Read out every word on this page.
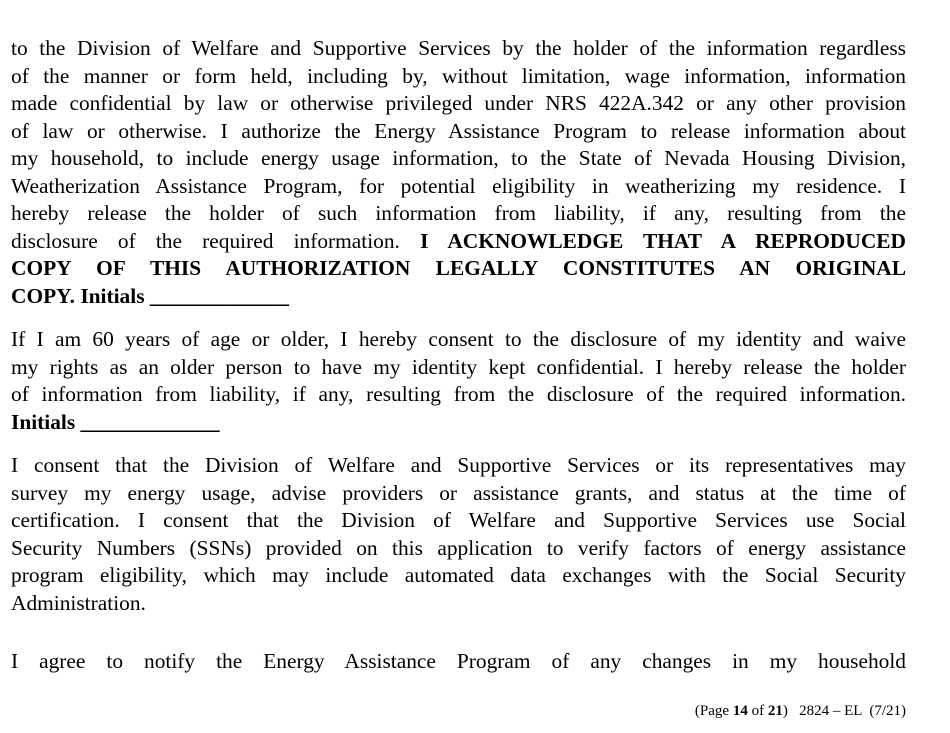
to the Division of Welfare and Supportive Services by the holder of the information regardless
of the manner or form held, including by, without limitation, wage information, information
made confidential by law or otherwise privileged under NRS 422A.342 or any other provision
of law or otherwise. I authorize the Energy Assistance Program to release information about
my household, to include energy usage information, to the State of Nevada Housing Division,
Weatherization Assistance Program, for potential eligibility in weatherizing my residence. I
hereby release the holder of such information from liability, if any, resulting from the
disclosure of the required information. I ACKNOWLEDGE THAT A REPRODUCED
COPY OF THIS AUTHORIZATION LEGALLY CONSTITUTES AN ORIGINAL
COPY. Initials _____________
If I am 60 years of age or older, I hereby consent to the disclosure of my identity and waive
my rights as an older person to have my identity kept confidential. I hereby release the holder
of information from liability, if any, resulting from the disclosure of the required information.
Initials _____________
I consent that the Division of Welfare and Supportive Services or its representatives may
survey my energy usage, advise providers or assistance grants, and status at the time of
certification. I consent that the Division of Welfare and Supportive Services use Social
Security Numbers (SSNs) provided on this application to verify factors of energy assistance
program eligibility, which may include automated data exchanges with the Social Security
Administration.
I agree to notify the Energy Assistance Program of any changes in my household
(Page 14 of 21)   2824 – EL  (7/21)
